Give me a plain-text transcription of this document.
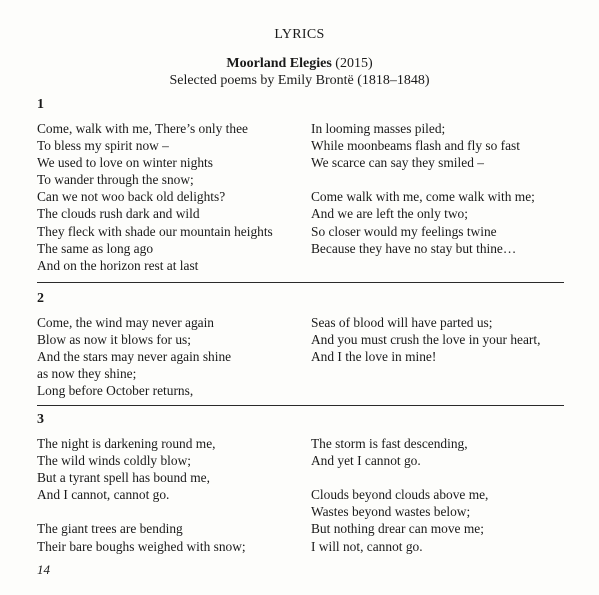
LYRICS
Moorland Elegies (2015)
Selected poems by Emily Brontë (1818–1848)
1
Come, walk with me, There’s only thee
To bless my spirit now –
We used to love on winter nights
To wander through the snow;
Can we not woo back old delights?
The clouds rush dark and wild
They fleck with shade our mountain heights
The same as long ago
And on the horizon rest at last
In looming masses piled;
While moonbeams flash and fly so fast
We scarce can say they smiled –
Come walk with me, come walk with me;
And we are left the only two;
So closer would my feelings twine
Because they have no stay but thine…
2
Come, the wind may never again
Blow as now it blows for us;
And the stars may never again shine
as now they shine;
Long before October returns,
Seas of blood will have parted us;
And you must crush the love in your heart,
And I the love in mine!
3
The night is darkening round me,
The wild winds coldly blow;
But a tyrant spell has bound me,
And I cannot, cannot go.
The giant trees are bending
Their bare boughs weighed with snow;
The storm is fast descending,
And yet I cannot go.
Clouds beyond clouds above me,
Wastes beyond wastes below;
But nothing drear can move me;
I will not, cannot go.
14
